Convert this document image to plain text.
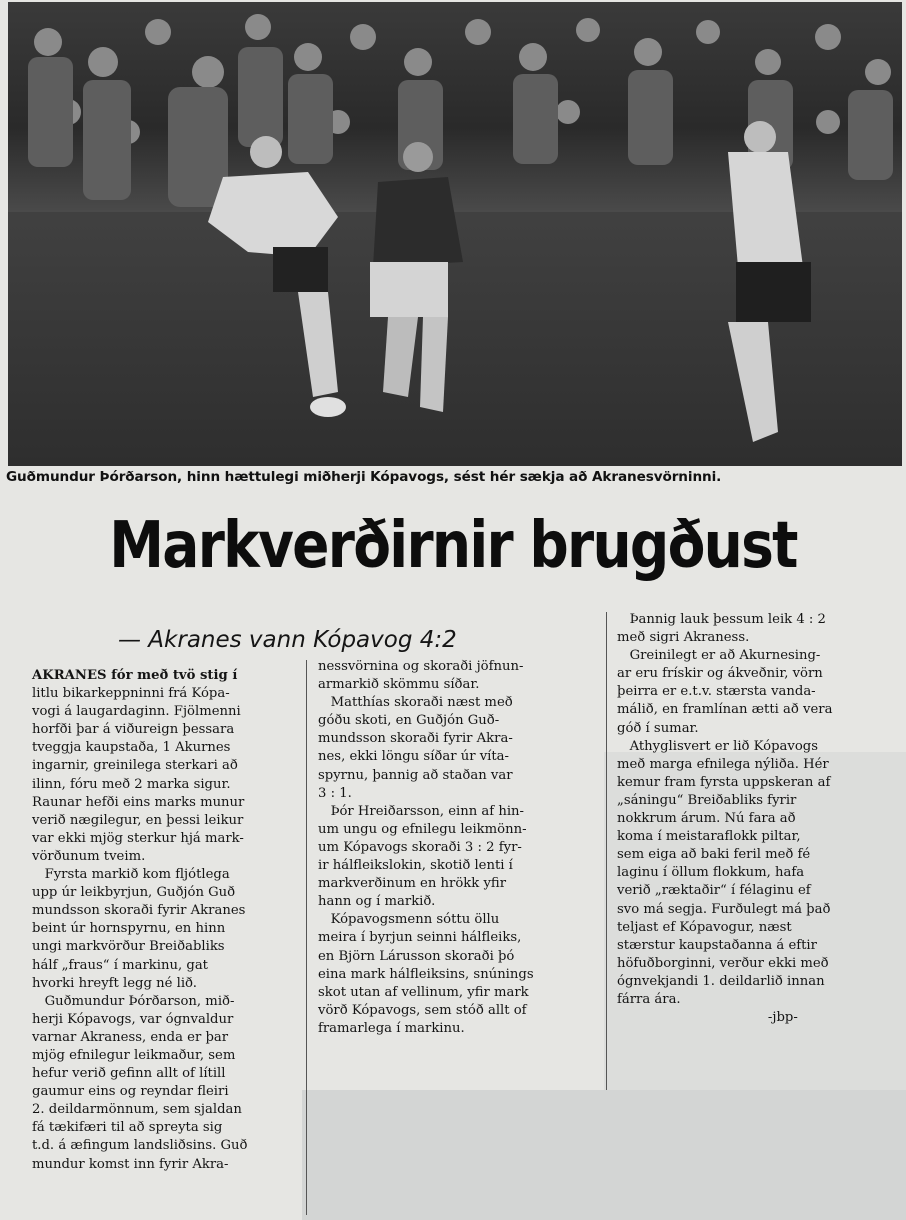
Guðmundur Þórðarson, hinn hættulegi miðherji Kópavogs, sést hér sækja að Akranesvörninni.
Markverðirnir brugðust
— Akranes vann Kópavog 4:2
AKRANES fór með tvö stig í
litlu bikarkeppninni frá Kópa-
vogi á laugardaginn. Fjölmenni
horfði þar á viðureign þessara
tveggja kaupstaða, 1 Akurnes
ingarnir, greinilega sterkari að
ilinn, fóru með 2 marka sigur.
Raunar hefði eins marks munur
verið nægilegur, en þessi leikur
var ekki mjög sterkur hjá mark-
vörðunum tveim.
Fyrsta markið kom fljótlega
upp úr leikbyrjun, Guðjón Guð
mundsson skoraði fyrir Akranes
beint úr hornspyrnu, en hinn
ungi markvörður Breiðabliks
hálf „fraus“ í markinu, gat
hvorki hreyft legg né lið.
Guðmundur Þórðarson, mið-
herji Kópavogs, var ógnvaldur
varnar Akraness, enda er þar
mjög efnilegur leikmaður, sem
hefur verið gefinn allt of lítill
gaumur eins og reyndar fleiri
2. deildarmönnum, sem sjaldan
fá tækifæri til að spreyta sig
t.d. á æfingum landsliðsins. Guð
mundur komst inn fyrir Akra-
nessvörnina og skoraði jöfnun-
armarkið skömmu síðar.
Matthías skoraði næst með
góðu skoti, en Guðjón Guð-
mundsson skoraði fyrir Akra-
nes, ekki löngu síðar úr víta-
spyrnu, þannig að staðan var
3 : 1.
Þór Hreiðarsson, einn af hin-
um ungu og efnilegu leikmönn-
um Kópavogs skoraði 3 : 2 fyr-
ir hálfleikslokin, skotið lenti í
markverðinum en hrökk yfir
hann og í markið.
Kópavogsmenn sóttu öllu
meira í byrjun seinni hálfleiks,
en Björn Lárusson skoraði þó
eina mark hálfleiksins, snúnings
skot utan af vellinum, yfir mark
vörð Kópavogs, sem stóð allt of
framarlega í markinu.
Þannig lauk þessum leik 4 : 2
með sigri Akraness.
Greinilegt er að Akurnesing-
ar eru frískir og ákveðnir, vörn
þeirra er e.t.v. stærsta vanda-
málið, en framlínan ætti að vera
góð í sumar.
Athyglisvert er lið Kópavogs
með marga efnilega nýliða. Hér
kemur fram fyrsta uppskeran af
„sáningu“ Breiðabliks fyrir
nokkrum árum. Nú fara að
koma í meistaraflokk piltar,
sem eiga að baki feril með fé
laginu í öllum flokkum, hafa
verið „ræktaðir“ í félaginu ef
svo má segja. Furðulegt má það
teljast ef Kópavogur, næst
stærstur kaupstaðanna á eftir
höfuðborginni, verður ekki með
ógnvekjandi 1. deildarlið innan
fárra ára.
-jbp-
